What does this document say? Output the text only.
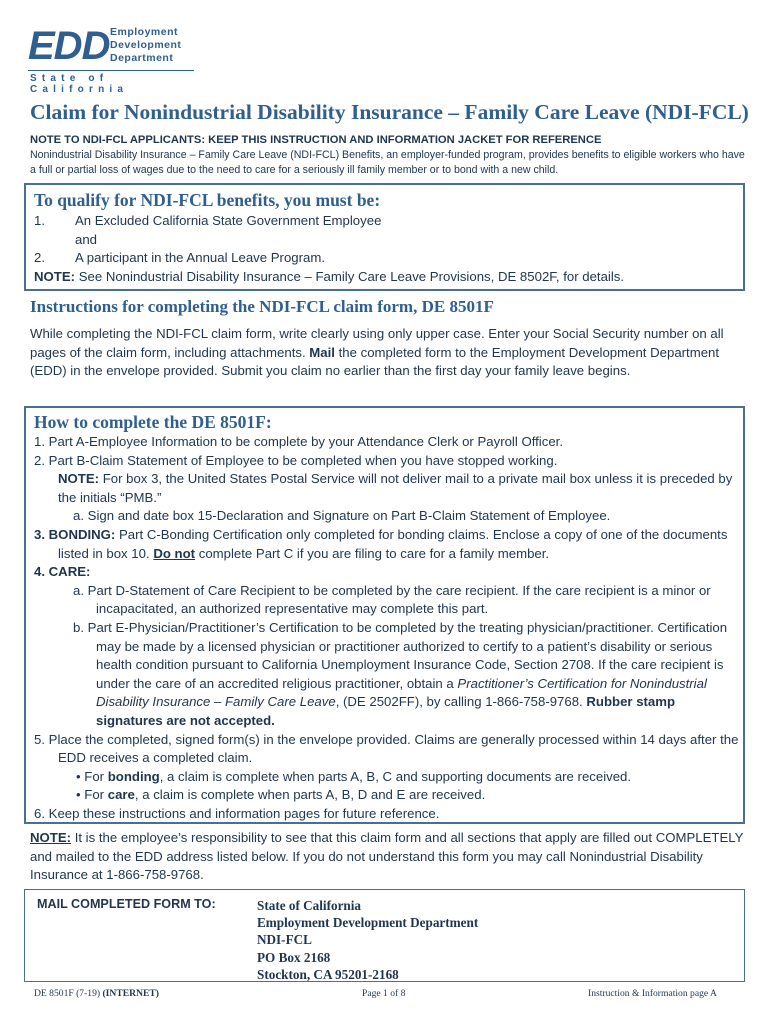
EDD Employment
Development
Department
State of California
Claim for Nonindustrial Disability Insurance – Family Care Leave (NDI-FCL)
NOTE TO NDI-FCL APPLICANTS: KEEP THIS INSTRUCTION AND INFORMATION JACKET FOR REFERENCE
Nonindustrial Disability Insurance – Family Care Leave (NDI-FCL) Benefits, an employer-funded program, provides benefits to eligible workers who have a full or partial loss of wages due to the need to care for a seriously ill family member or to bond with a new child.
To qualify for NDI-FCL benefits, you must be:
1.	An Excluded California State Government Employee
and
2.	A participant in the Annual Leave Program.
NOTE: See Nonindustrial Disability Insurance – Family Care Leave Provisions, DE 8502F, for details.
Instructions for completing the NDI-FCL claim form, DE 8501F
While completing the NDI-FCL claim form, write clearly using only upper case. Enter your Social Security number on all pages of the claim form, including attachments. Mail the completed form to the Employment Development Department (EDD) in the envelope provided. Submit you claim no earlier than the first day your family leave begins.
How to complete the DE 8501F:
1. Part A-Employee Information to be complete by your Attendance Clerk or Payroll Officer.
2. Part B-Claim Statement of Employee to be completed when you have stopped working.
NOTE: For box 3, the United States Postal Service will not deliver mail to a private mail box unless it is preceded by the initials “PMB.”
a. Sign and date box 15-Declaration and Signature on Part B-Claim Statement of Employee.
3. BONDING: Part C-Bonding Certification only completed for bonding claims. Enclose a copy of one of the documents listed in box 10. Do not complete Part C if you are filing to care for a family member.
4. CARE:
a. Part D-Statement of Care Recipient to be completed by the care recipient. If the care recipient is a minor or incapacitated, an authorized representative may complete this part.
b. Part E-Physician/Practitioner’s Certification to be completed by the treating physician/practitioner. Certification may be made by a licensed physician or practitioner authorized to certify to a patient’s disability or serious health condition pursuant to California Unemployment Insurance Code, Section 2708. If the care recipient is under the care of an accredited religious practitioner, obtain a Practitioner’s Certification for Nonindustrial Disability Insurance – Family Care Leave, (DE 2502FF), by calling 1-866-758-9768. Rubber stamp signatures are not accepted.
5. Place the completed, signed form(s) in the envelope provided. Claims are generally processed within 14 days after the EDD receives a completed claim.
• For bonding, a claim is complete when parts A, B, C and supporting documents are received.
• For care, a claim is complete when parts A, B, D and E are received.
6. Keep these instructions and information pages for future reference.
NOTE: It is the employee’s responsibility to see that this claim form and all sections that apply are filled out COMPLETELY and mailed to the EDD address listed below. If you do not understand this form you may call Nonindustrial Disability Insurance at 1-866-758-9768.
MAIL COMPLETED FORM TO:	State of California
Employment Development Department
NDI-FCL
PO Box 2168
Stockton, CA 95201-2168
DE 8501F (7-19) (INTERNET)	Page 1 of 8	Instruction & Information page A
